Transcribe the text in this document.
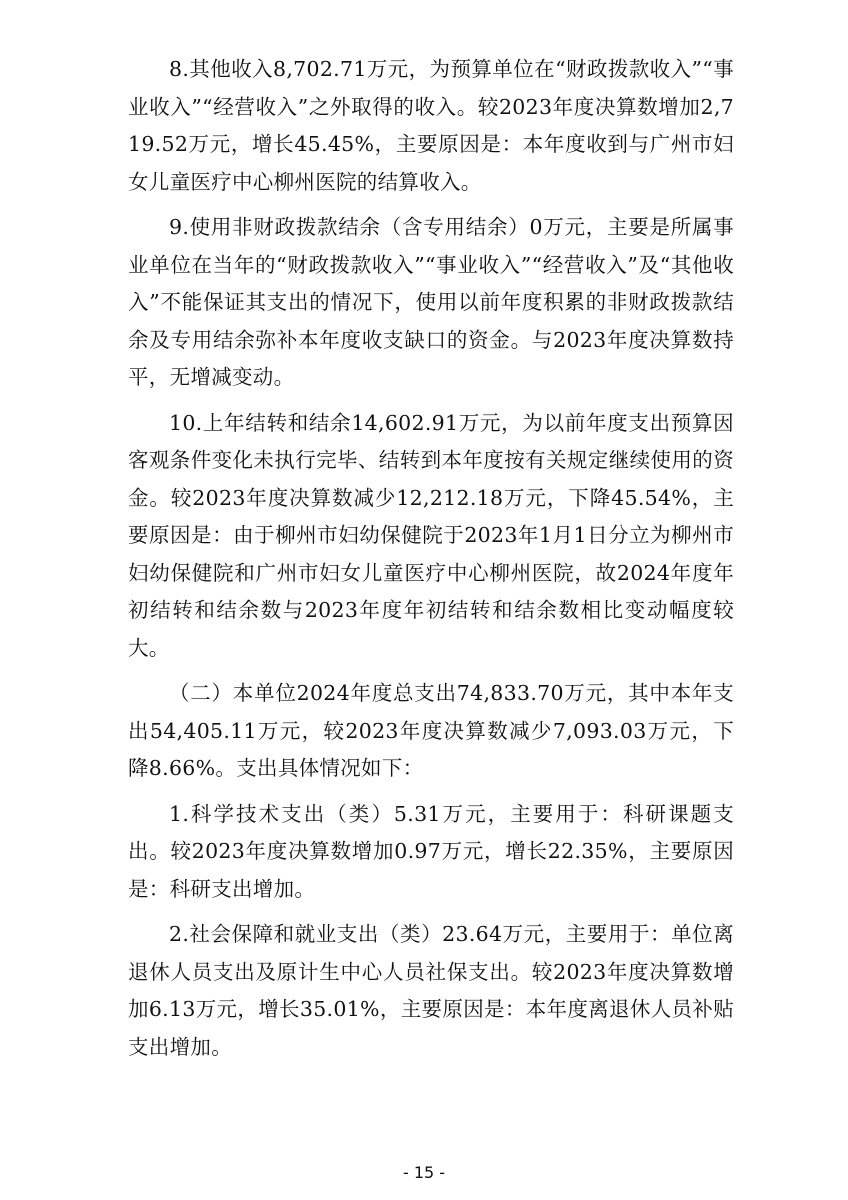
8.其他收入8,702.71万元，为预算单位在“财政拨款收入”“事业收入”“经营收入”之外取得的收入。较2023年度决算数增加2,719.52万元，增长45.45%，主要原因是：本年度收到与广州市妇女儿童医疗中心柳州医院的结算收入。

9.使用非财政拨款结余（含专用结余）0万元，主要是所属事业单位在当年的“财政拨款收入”“事业收入”“经营收入”及“其他收入”不能保证其支出的情况下，使用以前年度积累的非财政拨款结余及专用结余弥补本年度收支缺口的资金。与2023年度决算数持平，无增减变动。

10.上年结转和结余14,602.91万元，为以前年度支出预算因客观条件变化未执行完毕、结转到本年度按有关规定继续使用的资金。较2023年度决算数减少12,212.18万元，下降45.54%，主要原因是：由于柳州市妇幼保健院于2023年1月1日分立为柳州市妇幼保健院和广州市妇女儿童医疗中心柳州医院，故2024年度年初结转和结余数与2023年度年初结转和结余数相比变动幅度较大。

（二）本单位2024年度总支出74,833.70万元，其中本年支出54,405.11万元，较2023年度决算数减少7,093.03万元，下降8.66%。支出具体情况如下：

1.科学技术支出（类）5.31万元，主要用于：科研课题支出。较2023年度决算数增加0.97万元，增长22.35%，主要原因是：科研支出增加。

2.社会保障和就业支出（类）23.64万元，主要用于：单位离退休人员支出及原计生中心人员社保支出。较2023年度决算数增加6.13万元，增长35.01%，主要原因是：本年度离退休人员补贴支出增加。

- 15 -
